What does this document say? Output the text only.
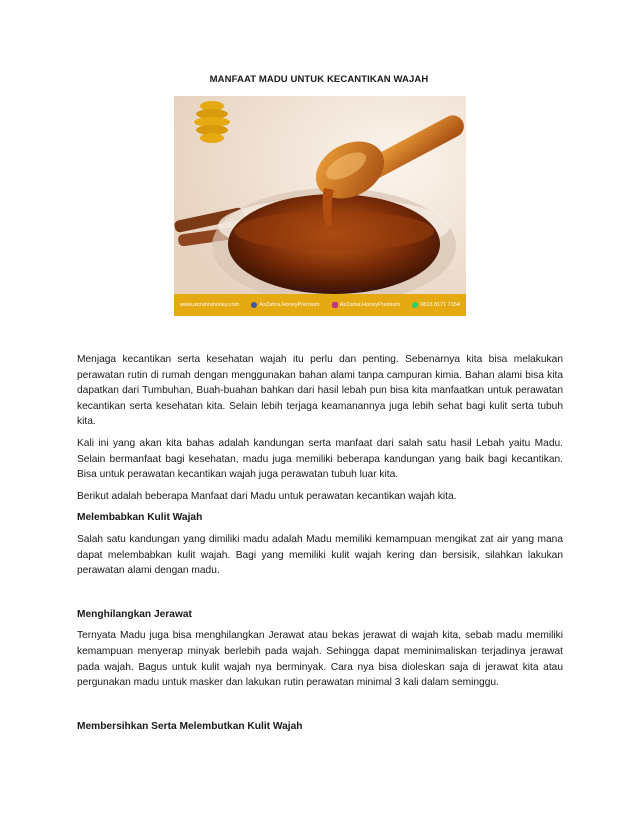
MANFAAT MADU UNTUK KECANTIKAN WAJAH
www.azzahrahoney.com	AzZahra.HoneyPremium	AzZahra.HoneyPremium	0813 8171 7154

Menjaga kecantikan serta kesehatan wajah itu perlu dan penting. Sebenarnya kita bisa melakukan perawatan rutin di rumah dengan menggunakan bahan alami tanpa campuran kimia. Bahan alami bisa kita dapatkan dari Tumbuhan, Buah-buahan bahkan dari hasil lebah pun bisa kita manfaatkan untuk perawatan kecantikan serta kesehatan kita. Selain lebih terjaga keamanannya juga lebih sehat bagi kulit serta tubuh kita.

Kali ini yang akan kita bahas adalah kandungan serta manfaat dari salah satu hasil Lebah yaitu Madu. Selain bermanfaat bagi kesehatan, madu juga memiliki beberapa kandungan yang baik bagi kecantikan. Bisa untuk perawatan kecantikan wajah juga perawatan tubuh luar kita.

Berikut adalah beberapa Manfaat dari Madu untuk perawatan kecantikan wajah kita.

Melembabkan Kulit Wajah

Salah satu kandungan yang dimiliki madu adalah Madu memiliki kemampuan mengikat zat air yang mana dapat melembabkan kulit wajah. Bagi yang memiliki kulit wajah kering dan bersisik, silahkan lakukan perawatan alami dengan madu.

Menghilangkan Jerawat

Ternyata Madu juga bisa menghilangkan Jerawat atau bekas jerawat di wajah kita, sebab madu memiliki kemampuan menyerap minyak berlebih pada wajah. Sehingga dapat meminimaliskan terjadinya jerawat pada wajah. Bagus untuk kulit wajah nya berminyak. Cara nya bisa dioleskan saja di jerawat kita atau pergunakan madu untuk masker dan lakukan rutin perawatan minimal 3 kali dalam seminggu.

Membersihkan Serta Melembutkan Kulit Wajah
